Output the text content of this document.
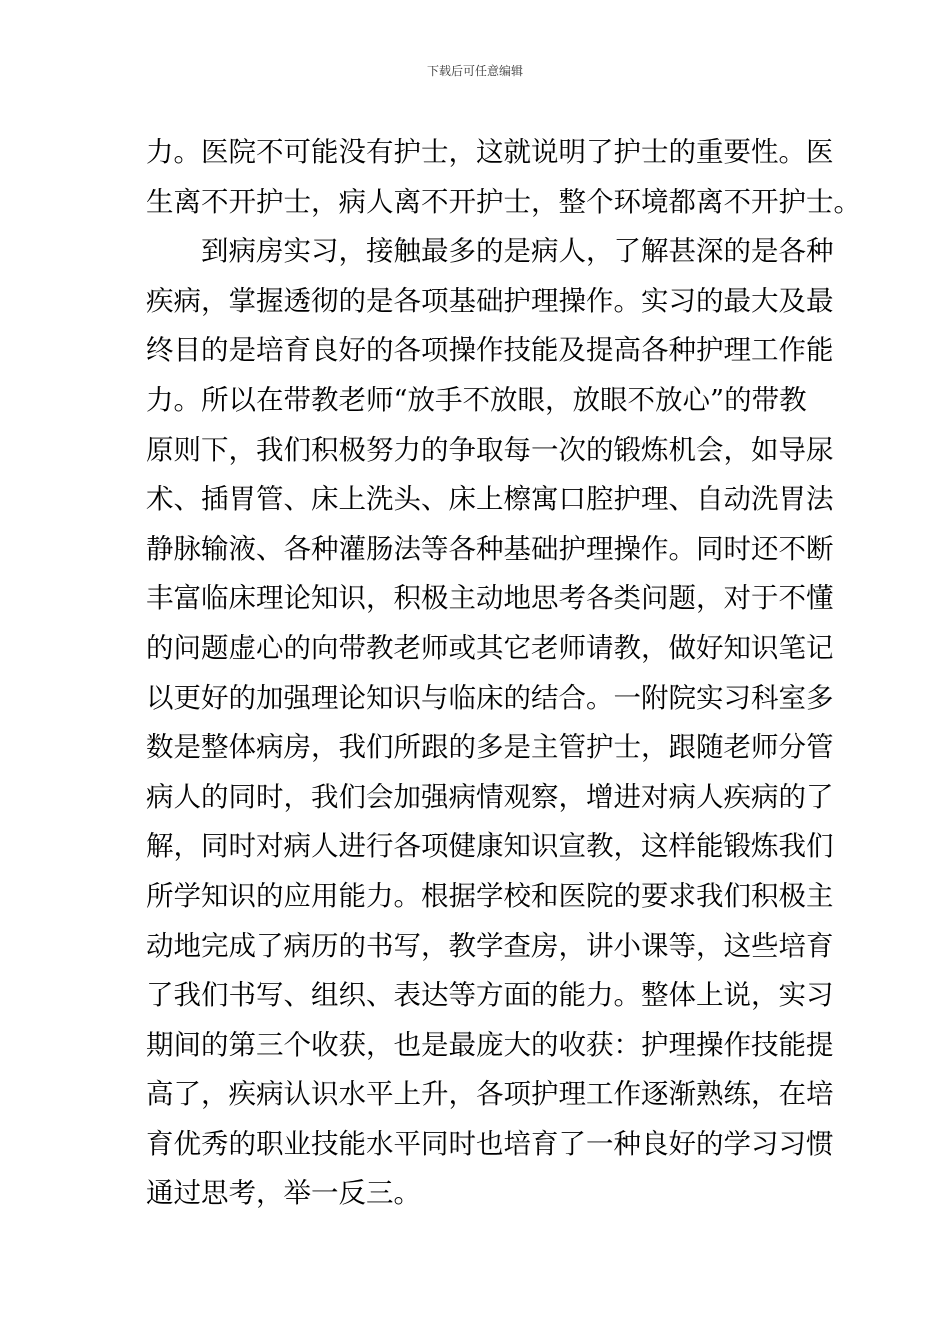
下载后可任意编辑
力。医院不可能没有护士，这就说明了护士的重要性。医
生离不开护士，病人离不开护士，整个环境都离不开护士。
到病房实习，接触最多的是病人，了解甚深的是各种
疾病，掌握透彻的是各项基础护理操作。实习的最大及最
终目的是培育良好的各项操作技能及提高各种护理工作能
力。所以在带教老师“放手不放眼，放眼不放心”的带教
原则下，我们积极努力的争取每一次的锻炼机会，如导尿
术、插胃管、床上洗头、床上檫寓口腔护理、自动洗胃法
静脉输液、各种灌肠法等各种基础护理操作。同时还不断
丰富临床理论知识，积极主动地思考各类问题，对于不懂
的问题虚心的向带教老师或其它老师请教，做好知识笔记
以更好的加强理论知识与临床的结合。一附院实习科室多
数是整体病房，我们所跟的多是主管护士，跟随老师分管
病人的同时，我们会加强病情观察，增进对病人疾病的了
解，同时对病人进行各项健康知识宣教，这样能锻炼我们
所学知识的应用能力。根据学校和医院的要求我们积极主
动地完成了病历的书写，教学查房，讲小课等，这些培育
了我们书写、组织、表达等方面的能力。整体上说，实习
期间的第三个收获，也是最庞大的收获：护理操作技能提
高了，疾病认识水平上升，各项护理工作逐渐熟练，在培
育优秀的职业技能水平同时也培育了一种良好的学习习惯
通过思考，举一反三。
